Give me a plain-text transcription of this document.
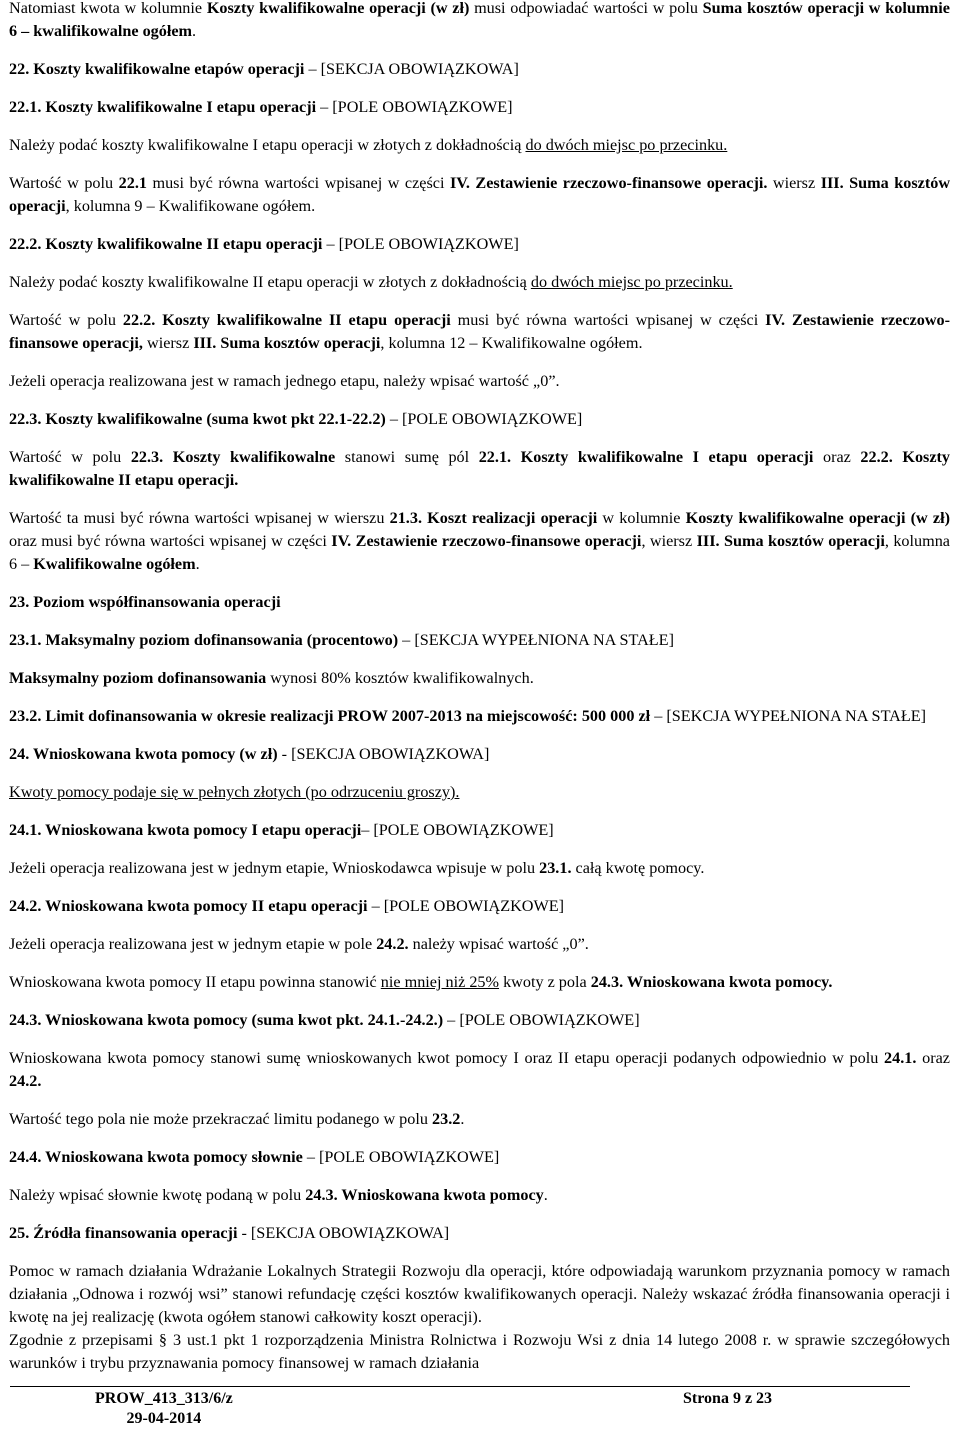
Natomiast kwota w kolumnie Koszty kwalifikowalne operacji (w zł) musi odpowiadać wartości w polu Suma kosztów operacji w kolumnie 6 – kwalifikowalne ogółem.

22. Koszty kwalifikowalne etapów operacji – [SEKCJA OBOWIĄZKOWA]

22.1. Koszty kwalifikowalne I etapu operacji – [POLE OBOWIĄZKOWE]

Należy podać koszty kwalifikowalne I etapu operacji w złotych z dokładnością do dwóch miejsc po przecinku.

Wartość w polu 22.1 musi być równa wartości wpisanej w części IV. Zestawienie rzeczowo-finansowe operacji. wiersz III. Suma kosztów operacji, kolumna 9 – Kwalifikowane ogółem.

22.2. Koszty kwalifikowalne II etapu operacji – [POLE OBOWIĄZKOWE]

Należy podać koszty kwalifikowalne II etapu operacji w złotych z dokładnością do dwóch miejsc po przecinku.

Wartość w polu 22.2. Koszty kwalifikowalne II etapu operacji musi być równa wartości wpisanej w części IV. Zestawienie rzeczowo-finansowe operacji, wiersz III. Suma kosztów operacji, kolumna 12 – Kwalifikowalne ogółem.

Jeżeli operacja realizowana jest w ramach jednego etapu, należy wpisać wartość „0”.

22.3. Koszty kwalifikowalne (suma kwot pkt 22.1-22.2) – [POLE OBOWIĄZKOWE]

Wartość w polu 22.3. Koszty kwalifikowalne stanowi sumę pól 22.1. Koszty kwalifikowalne I etapu operacji oraz 22.2. Koszty kwalifikowalne II etapu operacji.

Wartość ta musi być równa wartości wpisanej w wierszu 21.3. Koszt realizacji operacji w kolumnie Koszty kwalifikowalne operacji (w zł) oraz musi być równa wartości wpisanej w części IV. Zestawienie rzeczowo-finansowe operacji, wiersz III. Suma kosztów operacji, kolumna 6 – Kwalifikowalne ogółem.

23. Poziom współfinansowania operacji

23.1. Maksymalny poziom dofinansowania (procentowo) – [SEKCJA WYPEŁNIONA NA STAŁE]

Maksymalny poziom dofinansowania wynosi 80% kosztów kwalifikowalnych.

23.2. Limit dofinansowania w okresie realizacji PROW 2007-2013 na miejscowość: 500 000 zł – [SEKCJA WYPEŁNIONA NA STAŁE]

24. Wnioskowana kwota pomocy (w zł) - [SEKCJA OBOWIĄZKOWA]

Kwoty pomocy podaje się w pełnych złotych (po odrzuceniu groszy).

24.1. Wnioskowana kwota pomocy I etapu operacji– [POLE OBOWIĄZKOWE]

Jeżeli operacja realizowana jest w jednym etapie, Wnioskodawca wpisuje w polu 23.1. całą kwotę pomocy.

24.2. Wnioskowana kwota pomocy II etapu operacji – [POLE OBOWIĄZKOWE]

Jeżeli operacja realizowana jest w jednym etapie w pole 24.2. należy wpisać wartość „0”.

Wnioskowana kwota pomocy II etapu powinna stanowić nie mniej niż 25% kwoty z pola 24.3. Wnioskowana kwota pomocy.

24.3. Wnioskowana kwota pomocy (suma kwot pkt. 24.1.-24.2.) – [POLE OBOWIĄZKOWE]

Wnioskowana kwota pomocy stanowi sumę wnioskowanych kwot pomocy I oraz II etapu operacji podanych odpowiednio w polu 24.1. oraz 24.2.

Wartość tego pola nie może przekraczać limitu podanego w polu 23.2.

24.4. Wnioskowana kwota pomocy słownie – [POLE OBOWIĄZKOWE]

Należy wpisać słownie kwotę podaną w polu 24.3. Wnioskowana kwota pomocy.

25. Źródła finansowania operacji - [SEKCJA OBOWIĄZKOWA]

Pomoc w ramach działania Wdrażanie Lokalnych Strategii Rozwoju dla operacji, które odpowiadają warunkom przyznania pomocy w ramach działania „Odnowa i rozwój wsi” stanowi refundację części kosztów kwalifikowanych operacji. Należy wskazać źródła finansowania operacji i kwotę na jej realizację (kwota ogółem stanowi całkowity koszt operacji).

Zgodnie z przepisami § 3 ust.1 pkt 1 rozporządzenia Ministra Rolnictwa i Rozwoju Wsi z dnia 14 lutego 2008 r. w sprawie szczegółowych warunków i trybu przyznawania pomocy finansowej w ramach działania

PROW_413_313/6/z
29-04-2014
Strona 9 z 23
